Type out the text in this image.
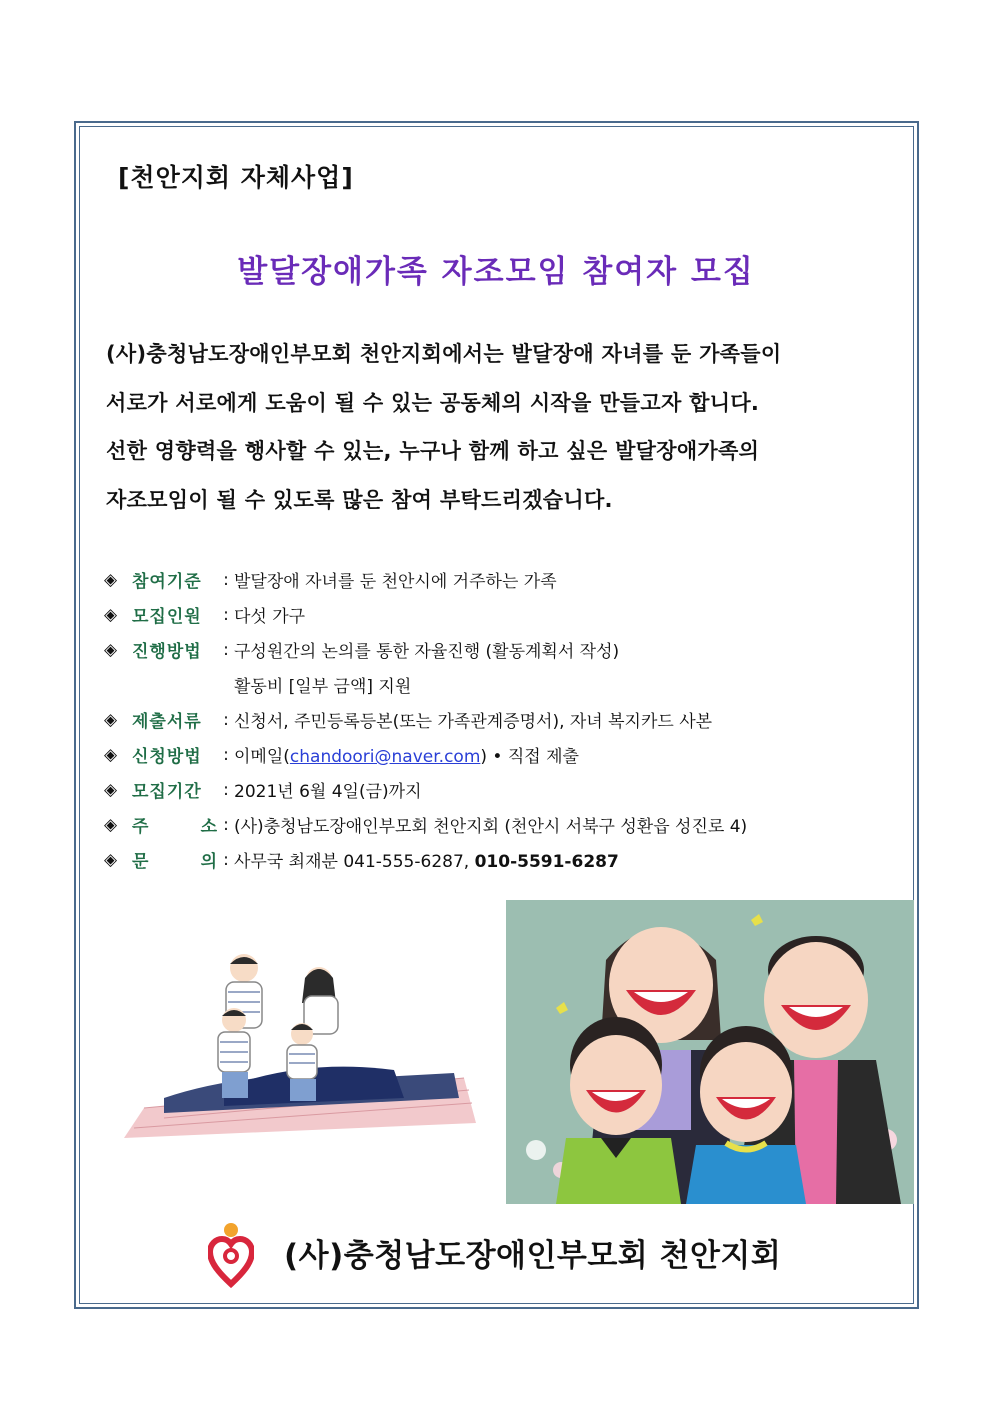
[천안지회 자체사업]
발달장애가족 자조모임 참여자 모집

(사)충청남도장애인부모회 천안지회에서는 발달장애 자녀를 둔 가족들이

서로가 서로에게 도움이 될 수 있는 공동체의 시작을 만들고자 합니다.

선한 영향력을 행사할 수 있는, 누구나 함께 하고 싶은 발달장애가족의

자조모임이 될 수 있도록 많은 참여 부탁드리겠습니다.

◈ 참여기준	: 발달장애 자녀를 둔 천안시에 거주하는 가족
◈ 모집인원	: 다섯 가구
◈ 진행방법	: 구성원간의 논의를 통한 자율진행 (활동계획서 작성)
활동비 [일부 금액] 지원
◈ 제출서류	: 신청서, 주민등록등본(또는 가족관계증명서), 자녀 복지카드 사본
◈ 신청방법	: 이메일(chandoori@naver.com) • 직접 제출
◈ 모집기간	: 2021년 6월 4일(금)까지
◈ 주	소 : (사)충청남도장애인부모회 천안지회 (천안시 서북구 성환읍 성진로 4)
◈ 문	의 : 사무국 최재분 041-555-6287, 010-5591-6287
(사)충청남도장애인부모회 천안지회
